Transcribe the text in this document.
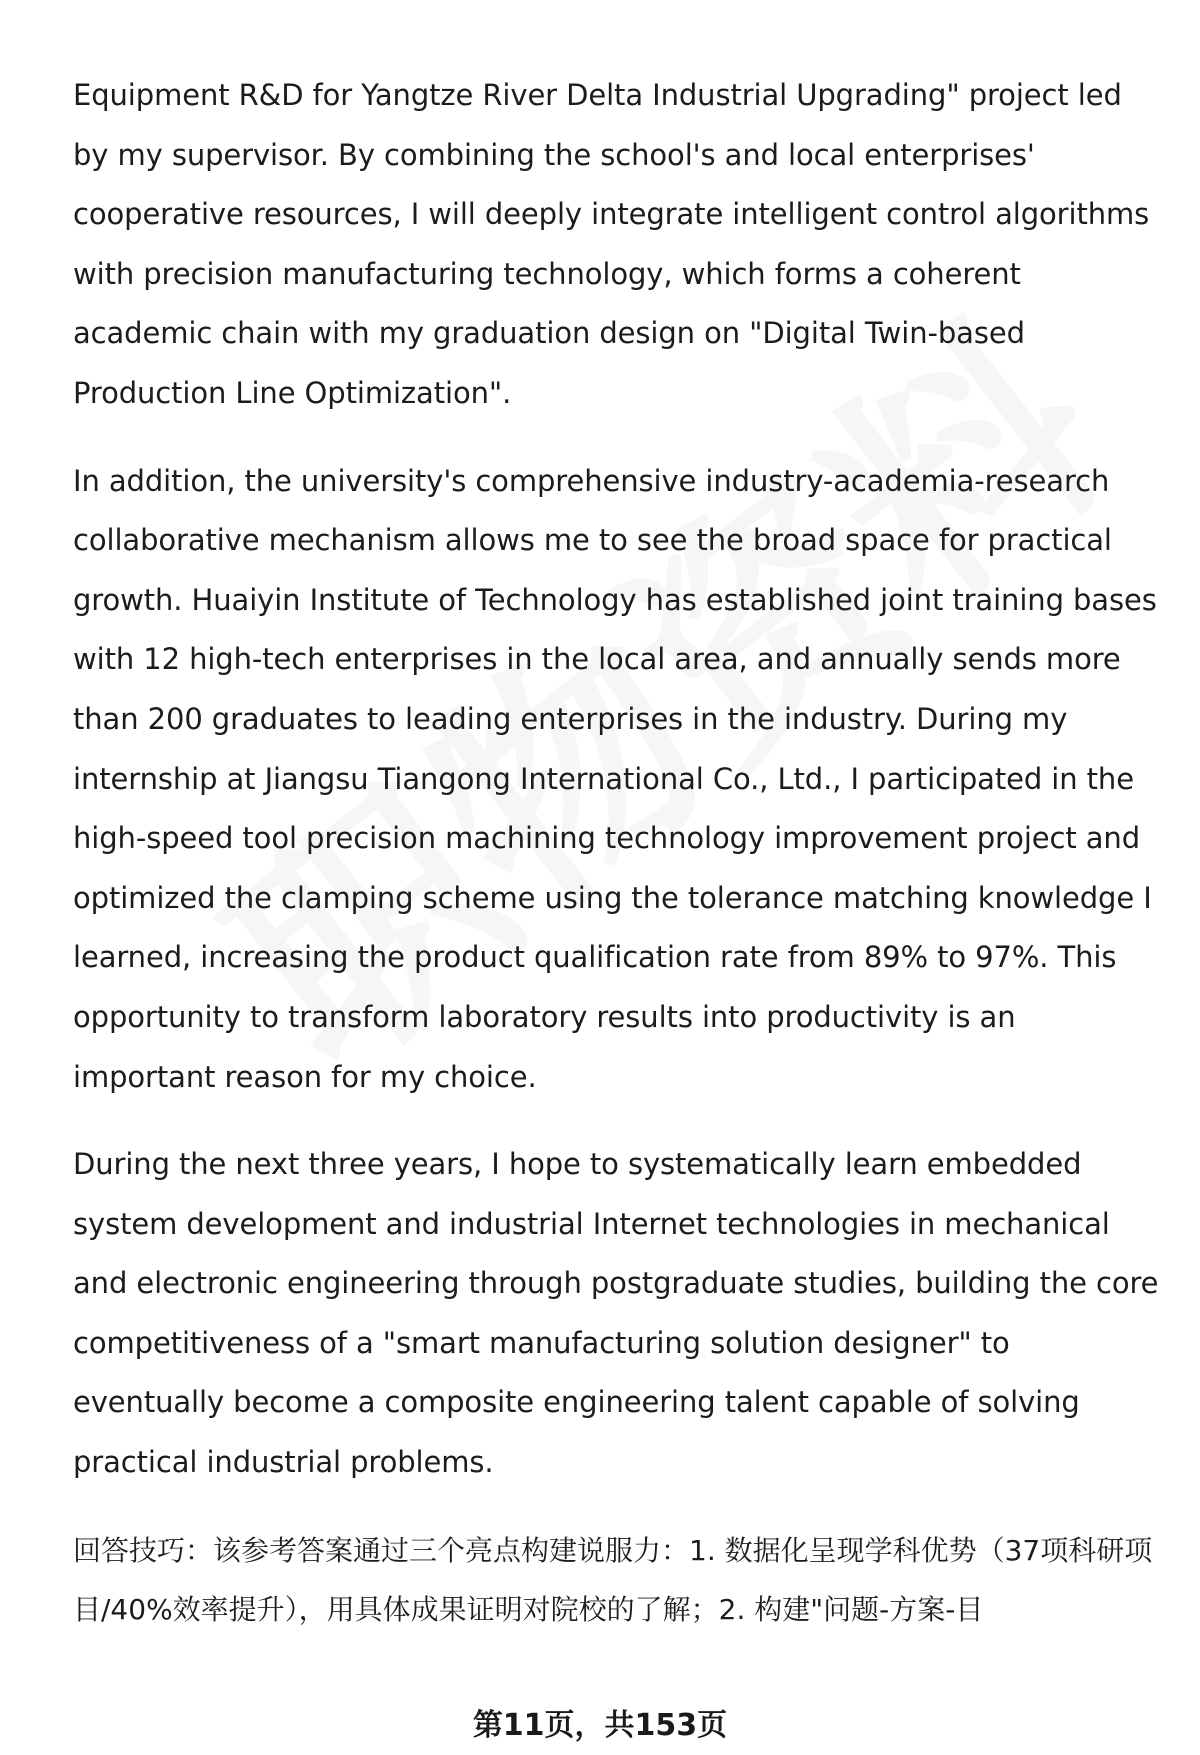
Equipment R&D for Yangtze River Delta Industrial Upgrading" project led by my supervisor. By combining the school's and local enterprises' cooperative resources, I will deeply integrate intelligent control algorithms with precision manufacturing technology, which forms a coherent academic chain with my graduation design on "Digital Twin-based Production Line Optimization".

In addition, the university's comprehensive industry-academia-research collaborative mechanism allows me to see the broad space for practical growth. Huaiyin Institute of Technology has established joint training bases with 12 high-tech enterprises in the local area, and annually sends more than 200 graduates to leading enterprises in the industry. During my internship at Jiangsu Tiangong International Co., Ltd., I participated in the high-speed tool precision machining technology improvement project and optimized the clamping scheme using the tolerance matching knowledge I learned, increasing the product qualification rate from 89% to 97%. This opportunity to transform laboratory results into productivity is an important reason for my choice.

During the next three years, I hope to systematically learn embedded system development and industrial Internet technologies in mechanical and electronic engineering through postgraduate studies, building the core competitiveness of a "smart manufacturing solution designer" to eventually become a composite engineering talent capable of solving practical industrial problems.

回答技巧：该参考答案通过三个亮点构建说服力：1. 数据化呈现学科优势（37项科研项目/40%效率提升），用具体成果证明对院校的了解；2. 构建"问题-方案-目

第11页，共153页
